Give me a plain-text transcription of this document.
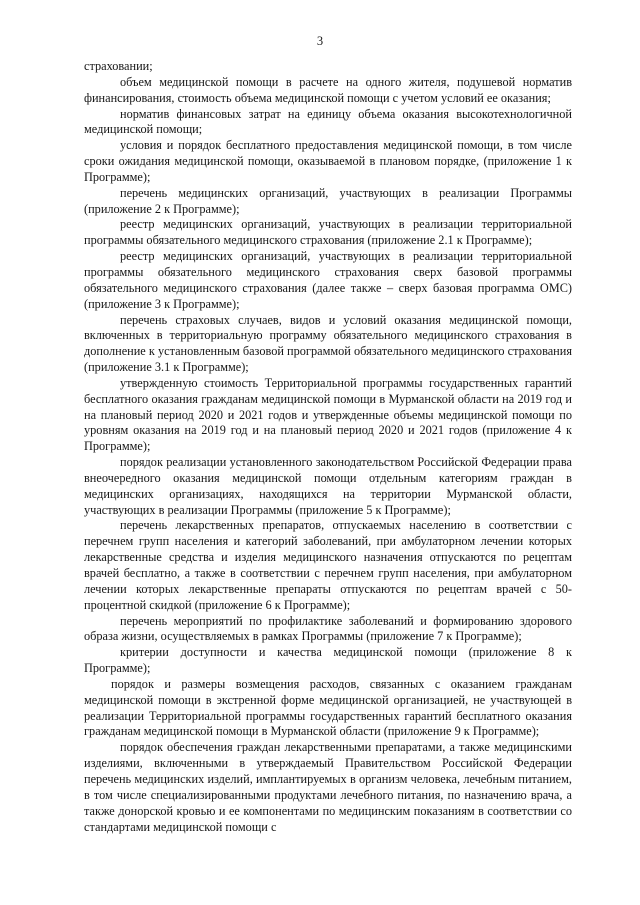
3

страховании;

объем медицинской помощи в расчете на одного жителя, подушевой норматив финансирования, стоимость объема медицинской помощи с учетом условий ее оказания;

норматив финансовых затрат на единицу объема оказания высокотехнологичной медицинской помощи;

условия и порядок бесплатного предоставления медицинской помощи, в том числе сроки ожидания медицинской помощи, оказываемой в плановом порядке, (приложение 1 к Программе);

перечень медицинских организаций, участвующих в реализации Программы (приложение 2 к Программе);

реестр медицинских организаций, участвующих в реализации территориальной программы обязательного медицинского страхования (приложение 2.1 к Программе);

реестр медицинских организаций, участвующих в реализации территориальной программы обязательного медицинского страхования сверх базовой программы обязательного медицинского страхования (далее также – сверх базовая программа ОМС) (приложение 3 к Программе);

перечень страховых случаев, видов и условий оказания медицинской помощи, включенных в территориальную программу обязательного медицинского страхования в дополнение к установленным базовой программой обязательного медицинского страхования (приложение 3.1 к Программе);

утвержденную стоимость Территориальной программы государственных гарантий бесплатного оказания гражданам медицинской помощи в Мурманской области на 2019 год и на плановый период 2020 и 2021 годов и утвержденные объемы медицинской помощи по уровням оказания на 2019 год и на плановый период 2020 и 2021 годов (приложение 4 к Программе);

порядок реализации установленного законодательством Российской Федерации права внеочередного оказания медицинской помощи отдельным категориям граждан в медицинских организациях, находящихся на территории Мурманской области, участвующих в реализации Программы (приложение 5 к Программе);

перечень лекарственных препаратов, отпускаемых населению в соответствии с перечнем групп населения и категорий заболеваний, при амбулаторном лечении которых лекарственные средства и изделия медицинского назначения отпускаются по рецептам врачей бесплатно, а также в соответствии с перечнем групп населения, при амбулаторном лечении которых лекарственные препараты отпускаются по рецептам врачей с 50-процентной скидкой (приложение 6 к Программе);

перечень мероприятий по профилактике заболеваний и формированию здорового образа жизни, осуществляемых в рамках Программы (приложение 7 к Программе);

критерии доступности и качества медицинской помощи (приложение 8 к Программе);

порядок и размеры возмещения расходов, связанных с оказанием гражданам медицинской помощи в экстренной форме медицинской организацией, не участвующей в реализации Территориальной программы государственных гарантий бесплатного оказания гражданам медицинской помощи в Мурманской области (приложение 9 к Программе);

порядок обеспечения граждан лекарственными препаратами, а также медицинскими изделиями, включенными в утверждаемый Правительством Российской Федерации перечень медицинских изделий, имплантируемых в организм человека, лечебным питанием, в том числе специализированными продуктами лечебного питания, по назначению врача, а также донорской кровью и ее компонентами по медицинским показаниям в соответствии со стандартами медицинской помощи с
